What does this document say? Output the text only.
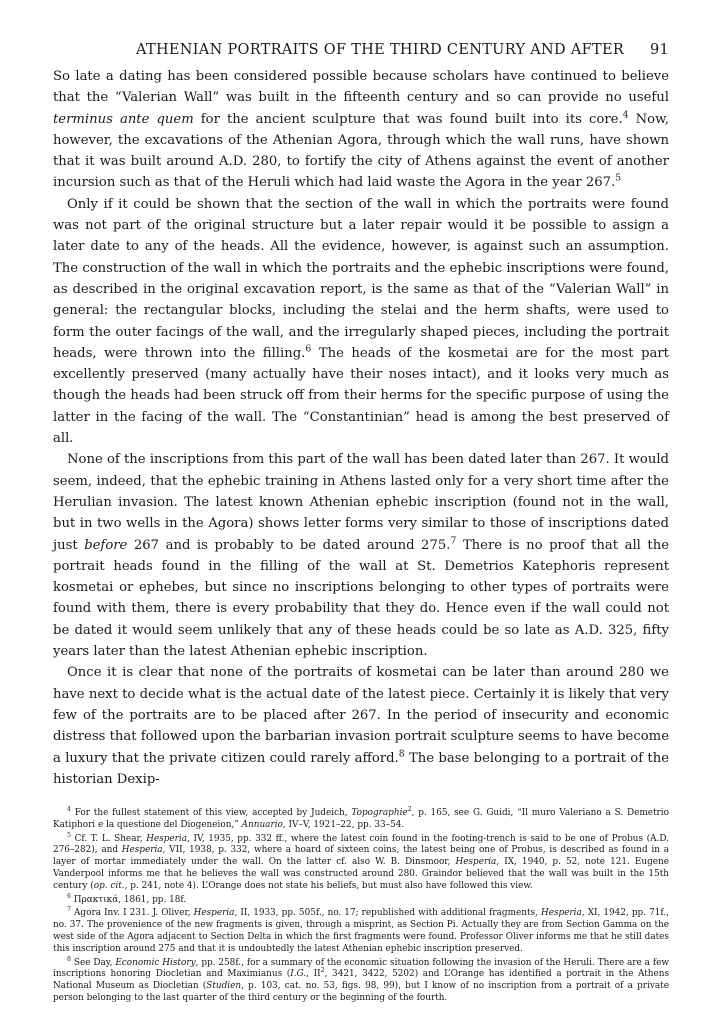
ATHENIAN PORTRAITS OF THE THIRD CENTURY AND AFTER 91

So late a dating has been considered possible because scholars have continued to believe that the “Valerian Wall” was built in the fifteenth century and so can provide no useful terminus ante quem for the ancient sculpture that was found built into its core.$^4$ Now, however, the excavations of the Athenian Agora, through which the wall runs, have shown that it was built around A.D. 280, to fortify the city of Athens against the event of another incursion such as that of the Heruli which had laid waste the Agora in the year 267.$^5$

Only if it could be shown that the section of the wall in which the portraits were found was not part of the original structure but a later repair would it be possible to assign a later date to any of the heads. All the evidence, however, is against such an assumption. The construction of the wall in which the portraits and the ephebic inscriptions were found, as described in the original excavation report, is the same as that of the “Valerian Wall” in general: the rectangular blocks, including the stelai and the herm shafts, were used to form the outer facings of the wall, and the irregularly shaped pieces, including the portrait heads, were thrown into the filling.$^6$ The heads of the kosmetai are for the most part excellently preserved (many actually have their noses intact), and it looks very much as though the heads had been struck off from their herms for the specific purpose of using the latter in the facing of the wall. The “Constantinian” head is among the best preserved of all.

None of the inscriptions from this part of the wall has been dated later than 267. It would seem, indeed, that the ephebic training in Athens lasted only for a very short time after the Herulian invasion. The latest known Athenian ephebic inscription (found not in the wall, but in two wells in the Agora) shows letter forms very similar to those of inscriptions dated just before 267 and is probably to be dated around 275.$^7$ There is no proof that all the portrait heads found in the filling of the wall at St. Demetrios Katephoris represent kosmetai or ephebes, but since no inscriptions belonging to other types of portraits were found with them, there is every probability that they do. Hence even if the wall could not be dated it would seem unlikely that any of these heads could be so late as A.D. 325, fifty years later than the latest Athenian ephebic inscription.

Once it is clear that none of the portraits of kosmetai can be later than around 280 we have next to decide what is the actual date of the latest piece. Certainly it is likely that very few of the portraits are to be placed after 267. In the period of insecurity and economic distress that followed upon the barbarian invasion portrait sculpture seems to have become a luxury that the private citizen could rarely afford.$^8$ The base belonging to a portrait of the historian Dexip-

$^4$ For the fullest statement of this view, accepted by Judeich, Topographie$^2$, p. 165, see G. Guidi, “Il muro Valeriano a S. Demetrio Katiphori e la questione del Diogeneion,” Annuario, IV–V, 1921–22, pp. 33–54.

$^5$ Cf. T. L. Shear, Hesperia, IV, 1935, pp. 332 ff., where the latest coin found in the footing-trench is said to be one of Probus (A.D. 276–282), and Hesperia, VII, 1938, p. 332, where a hoard of sixteen coins, the latest being one of Probus, is described as found in a layer of mortar immediately under the wall. On the latter cf. also W. B. Dinsmoor, Hesperia, IX, 1940, p. 52, note 121. Eugene Vanderpool informs me that he believes the wall was constructed around 280. Graindor believed that the wall was built in the 15th century (op. cit., p. 241, note 4). L’Orange does not state his beliefs, but must also have followed this view.

$^6$ Πρακτικά, 1861, pp. 18f.

$^7$ Agora Inv. I 231. J. Oliver, Hesperia, II, 1933, pp. 505f., no. 17; republished with additional fragments, Hesperia, XI, 1942, pp. 71f., no. 37. The provenience of the new fragments is given, through a misprint, as Section Pi. Actually they are from Section Gamma on the west side of the Agora adjacent to Section Delta in which the first fragments were found. Professor Oliver informs me that he still dates this inscription around 275 and that it is undoubtedly the latest Athenian ephebic inscription preserved.

$^8$ See Day, Economic History, pp. 258f., for a summary of the economic situation following the invasion of the Heruli. There are a few inscriptions honoring Diocletian and Maximianus (I.G., $II^2$, 3421, 3422, 5202) and L’Orange has identified a portrait in the Athens National Museum as Diocletian (Studien, p. 103, cat. no. 53, figs. 98, 99), but I know of no inscription from a portrait of a private person belonging to the last quarter of the third century or the beginning of the fourth.
